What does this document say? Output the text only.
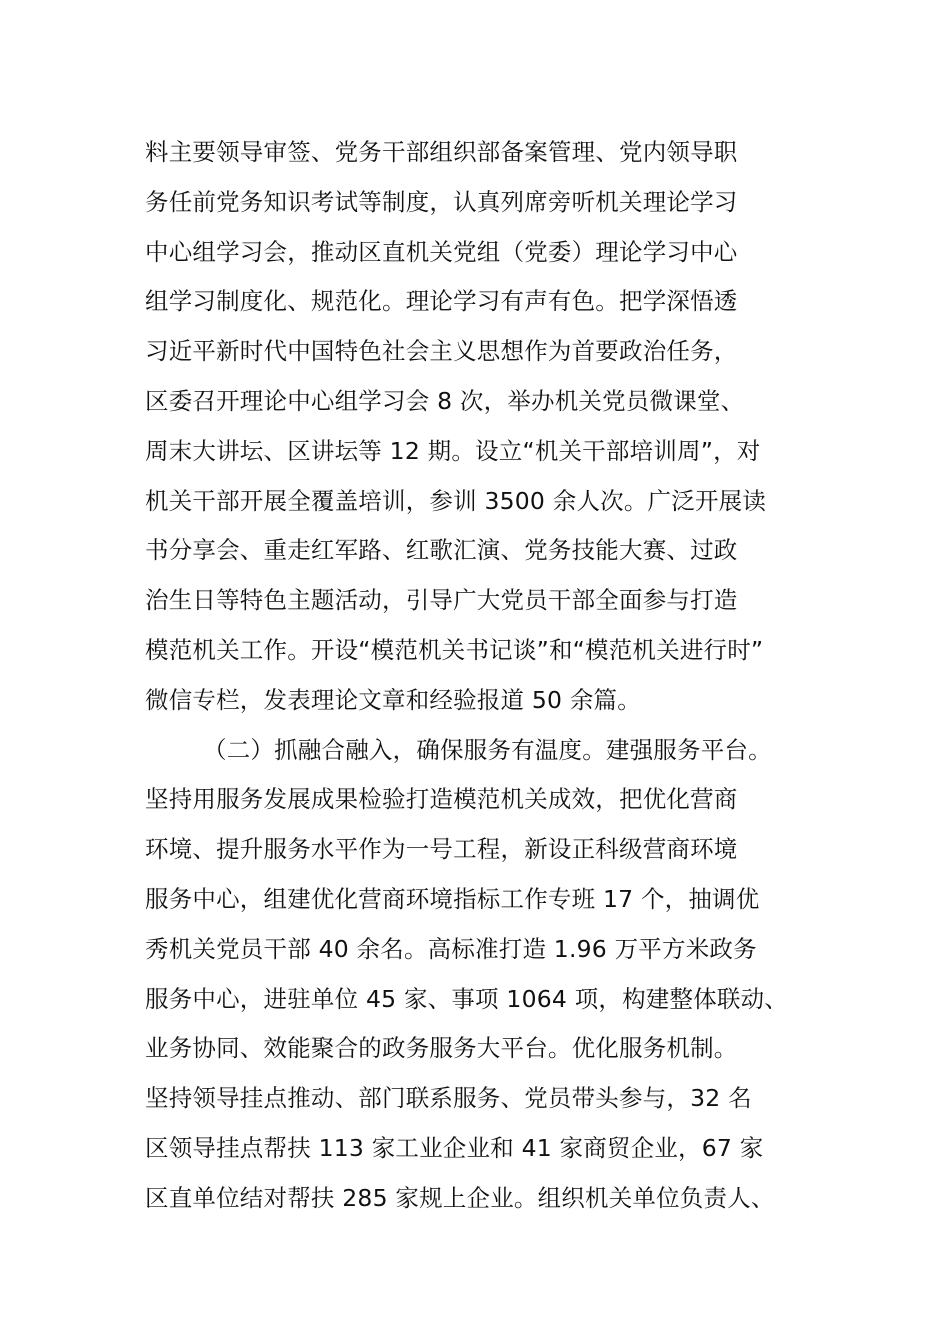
料主要领导审签、党务干部组织部备案管理、党内领导职
务任前党务知识考试等制度，认真列席旁听机关理论学习
中心组学习会，推动区直机关党组（党委）理论学习中心
组学习制度化、规范化。理论学习有声有色。把学深悟透
习近平新时代中国特色社会主义思想作为首要政治任务，
区委召开理论中心组学习会 8 次，举办机关党员微课堂、
周末大讲坛、区讲坛等 12 期。设立“机关干部培训周”，对
机关干部开展全覆盖培训，参训 3500 余人次。广泛开展读
书分享会、重走红军路、红歌汇演、党务技能大赛、过政
治生日等特色主题活动，引导广大党员干部全面参与打造
模范机关工作。开设“模范机关书记谈”和“模范机关进行时”
微信专栏，发表理论文章和经验报道 50 余篇。
（二）抓融合融入，确保服务有温度。建强服务平台。
坚持用服务发展成果检验打造模范机关成效，把优化营商
环境、提升服务水平作为一号工程，新设正科级营商环境
服务中心，组建优化营商环境指标工作专班 17 个，抽调优
秀机关党员干部 40 余名。高标准打造 1.96 万平方米政务
服务中心，进驻单位 45 家、事项 1064 项，构建整体联动、
业务协同、效能聚合的政务服务大平台。优化服务机制。
坚持领导挂点推动、部门联系服务、党员带头参与，32 名
区领导挂点帮扶 113 家工业企业和 41 家商贸企业，67 家
区直单位结对帮扶 285 家规上企业。组织机关单位负责人、
